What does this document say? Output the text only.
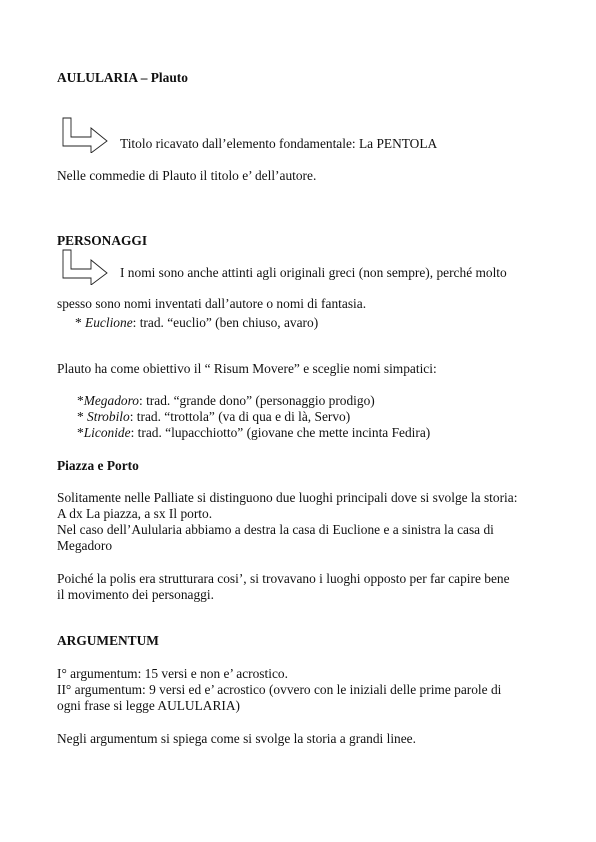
AULULARIA – Plauto
Titolo ricavato dall’elemento fondamentale: La PENTOLA
Nelle commedie di Plauto il titolo e’ dell’autore.
PERSONAGGI
I nomi sono anche attinti agli originali greci (non sempre), perché molto
spesso sono nomi inventati dall’autore o nomi di fantasia.
* Euclione: trad. “euclio” (ben chiuso, avaro)
Plauto ha come obiettivo il “ Risum Movere” e sceglie nomi simpatici:
*Megadoro: trad. “grande dono” (personaggio prodigo)
* Strobilo: trad. “trottola” (va di qua e di là, Servo)
*Liconide: trad. “lupacchiotto” (giovane che mette incinta Fedira)
Piazza e Porto
Solitamente nelle Palliate si distinguono due luoghi principali dove si svolge la storia:
A dx La piazza, a sx Il porto.
Nel caso dell’Aulularia abbiamo a destra la casa di Euclione e a sinistra la casa di
Megadoro
Poiché la polis era strutturara cosi’, si trovavano i luoghi opposto per far capire bene
il movimento dei personaggi.
ARGUMENTUM
I° argumentum: 15 versi e non e’ acrostico.
II° argumentum: 9 versi ed e’ acrostico (ovvero con le iniziali delle prime parole di
ogni frase si legge AULULARIA)
Negli argumentum si spiega come si svolge la storia a grandi linee.
